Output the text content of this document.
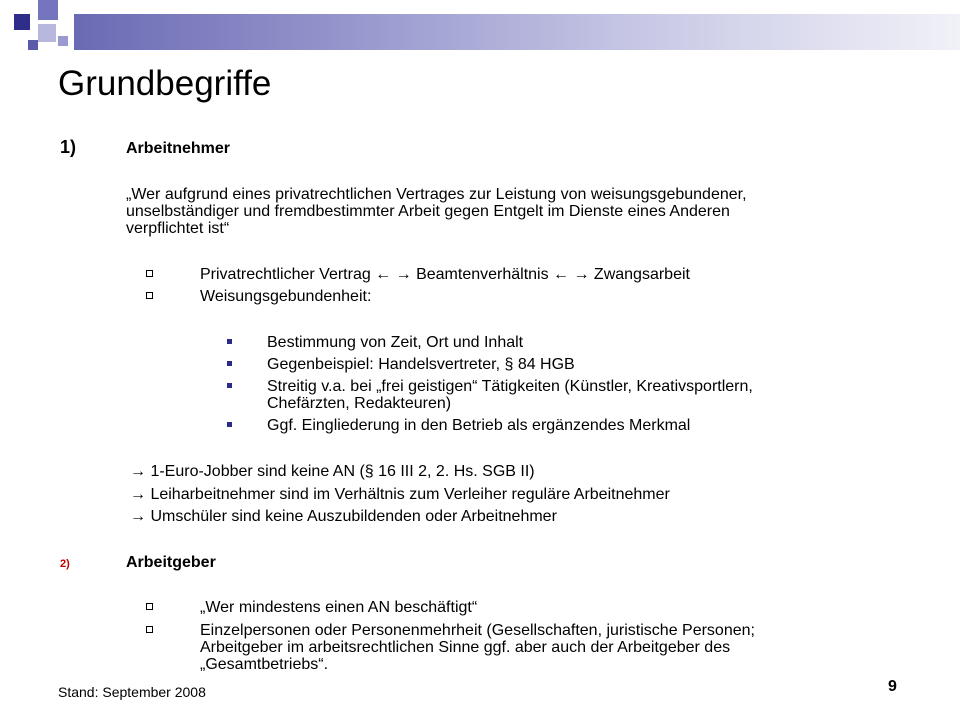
Grundbegriffe
1)	Arbeitnehmer
„Wer aufgrund eines privatrechtlichen Vertrages zur Leistung von weisungsgebundener,
unselbständiger und fremdbestimmter Arbeit gegen Entgelt im Dienste eines Anderen
verpflichtet ist“
Privatrechtlicher Vertrag ← → Beamtenverhältnis ← → Zwangsarbeit
Weisungsgebundenheit:
Bestimmung von Zeit, Ort und Inhalt
Gegenbeispiel: Handelsvertreter, § 84 HGB
Streitig v.a. bei „frei geistigen“ Tätigkeiten (Künstler, Kreativsportlern,
Chefärzten, Redakteuren)
Ggf. Eingliederung in den Betrieb als ergänzendes Merkmal
→ 1-Euro-Jobber sind keine AN (§ 16 III 2, 2. Hs. SGB II)
→ Leiharbeitnehmer sind im Verhältnis zum Verleiher reguläre Arbeitnehmer
→ Umschüler sind keine Auszubildenden oder Arbeitnehmer
2)	Arbeitgeber
„Wer mindestens einen AN beschäftigt“
Einzelpersonen oder Personenmehrheit (Gesellschaften, juristische Personen;
Arbeitgeber im arbeitsrechtlichen Sinne ggf. aber auch der Arbeitgeber des
„Gesamtbetriebs“.
Stand: September 2008	9
